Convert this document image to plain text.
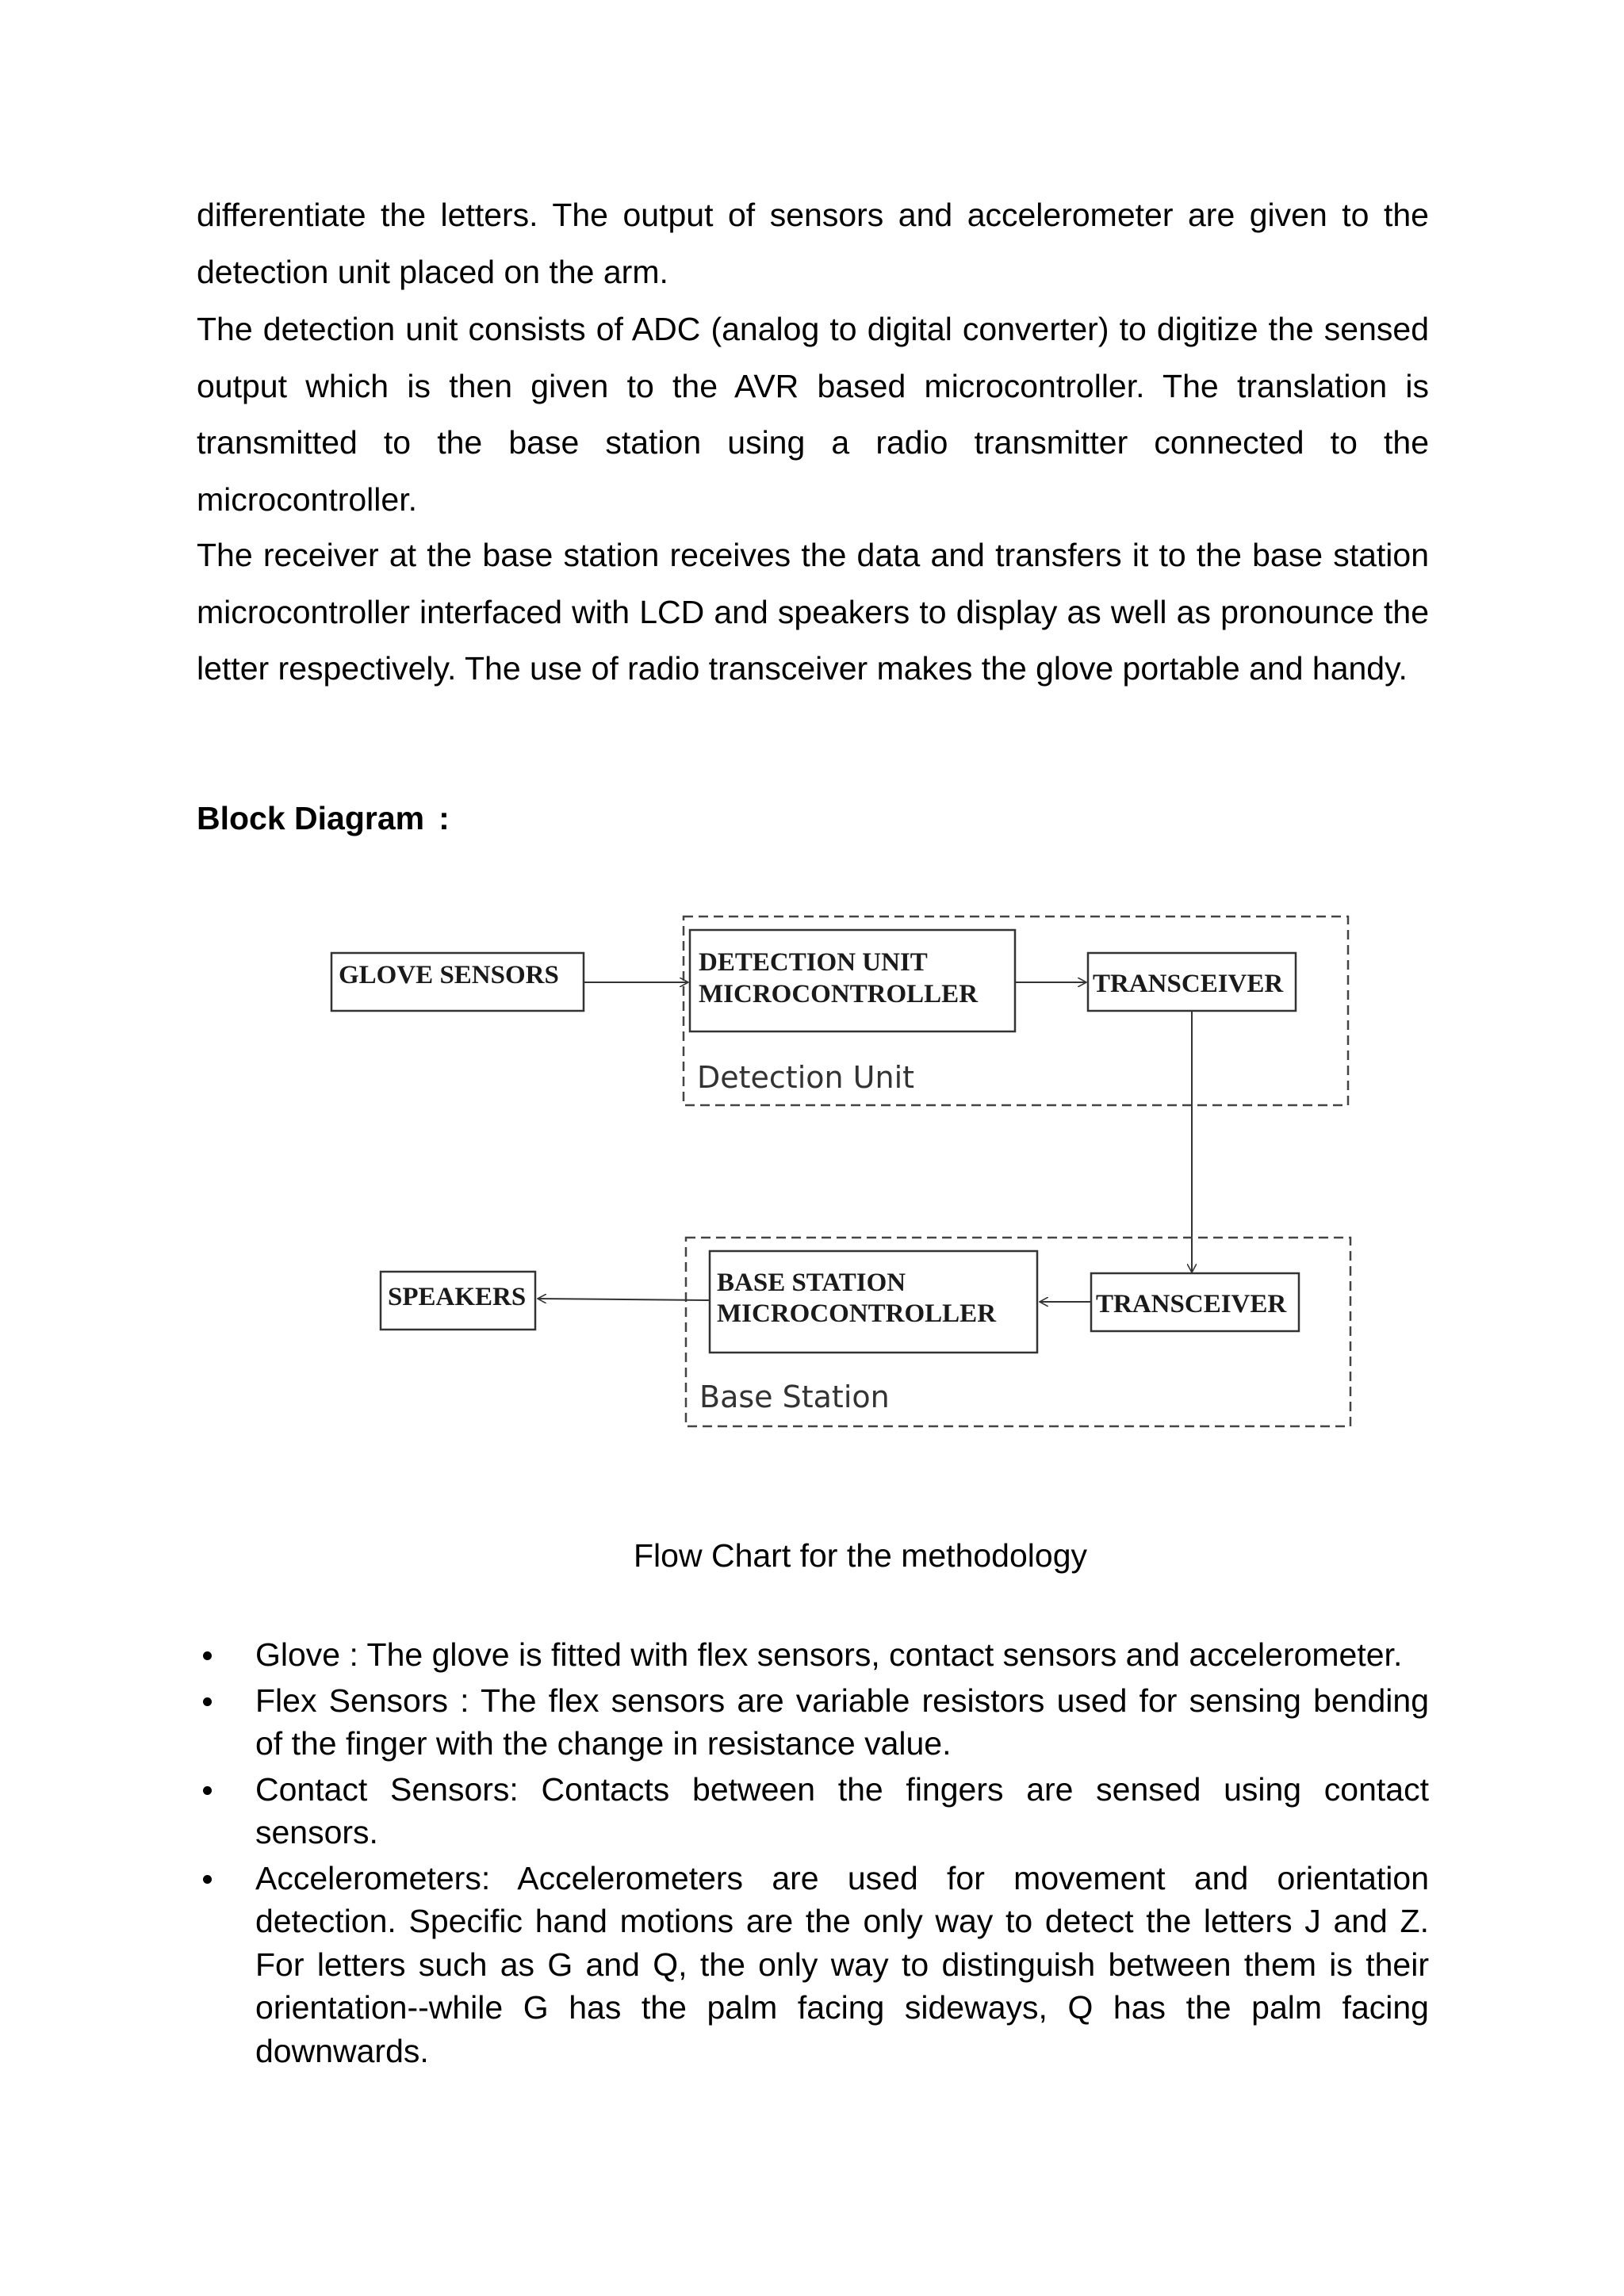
differentiate the letters. The output of sensors and accelerometer are given to the detection unit placed on the arm.

The detection unit consists of ADC (analog to digital converter) to digitize the sensed output which is then given to the AVR based microcontroller. The translation is transmitted to the base station using a radio transmitter connected to the microcontroller.

The receiver at the base station receives the data and transfers it to the base station microcontroller interfaced with LCD and speakers to display as well as pronounce the letter respectively. The use of radio transceiver makes the glove portable and handy.

Block Diagram :
GLOVE SENSORS	DETECTION UNIT
MICROCONTROLLER	TRANSCEIVER
Detection Unit
SPEAKERS	BASE STATION
MICROCONTROLLER	TRANSCEIVER
Base Station

Flow Chart for the methodology

Glove : The glove is fitted with flex sensors, contact sensors and accelerometer.
Flex Sensors : The flex sensors are variable resistors used for sensing bending of the finger with the change in resistance value.
Contact Sensors: Contacts between the fingers are sensed using contact sensors.
Accelerometers: Accelerometers are used for movement and orientation detection. Specific hand motions are the only way to detect the letters J and Z. For letters such as G and Q, the only way to distinguish between them is their orientation--while G has the palm facing sideways, Q has the palm facing downwards.
